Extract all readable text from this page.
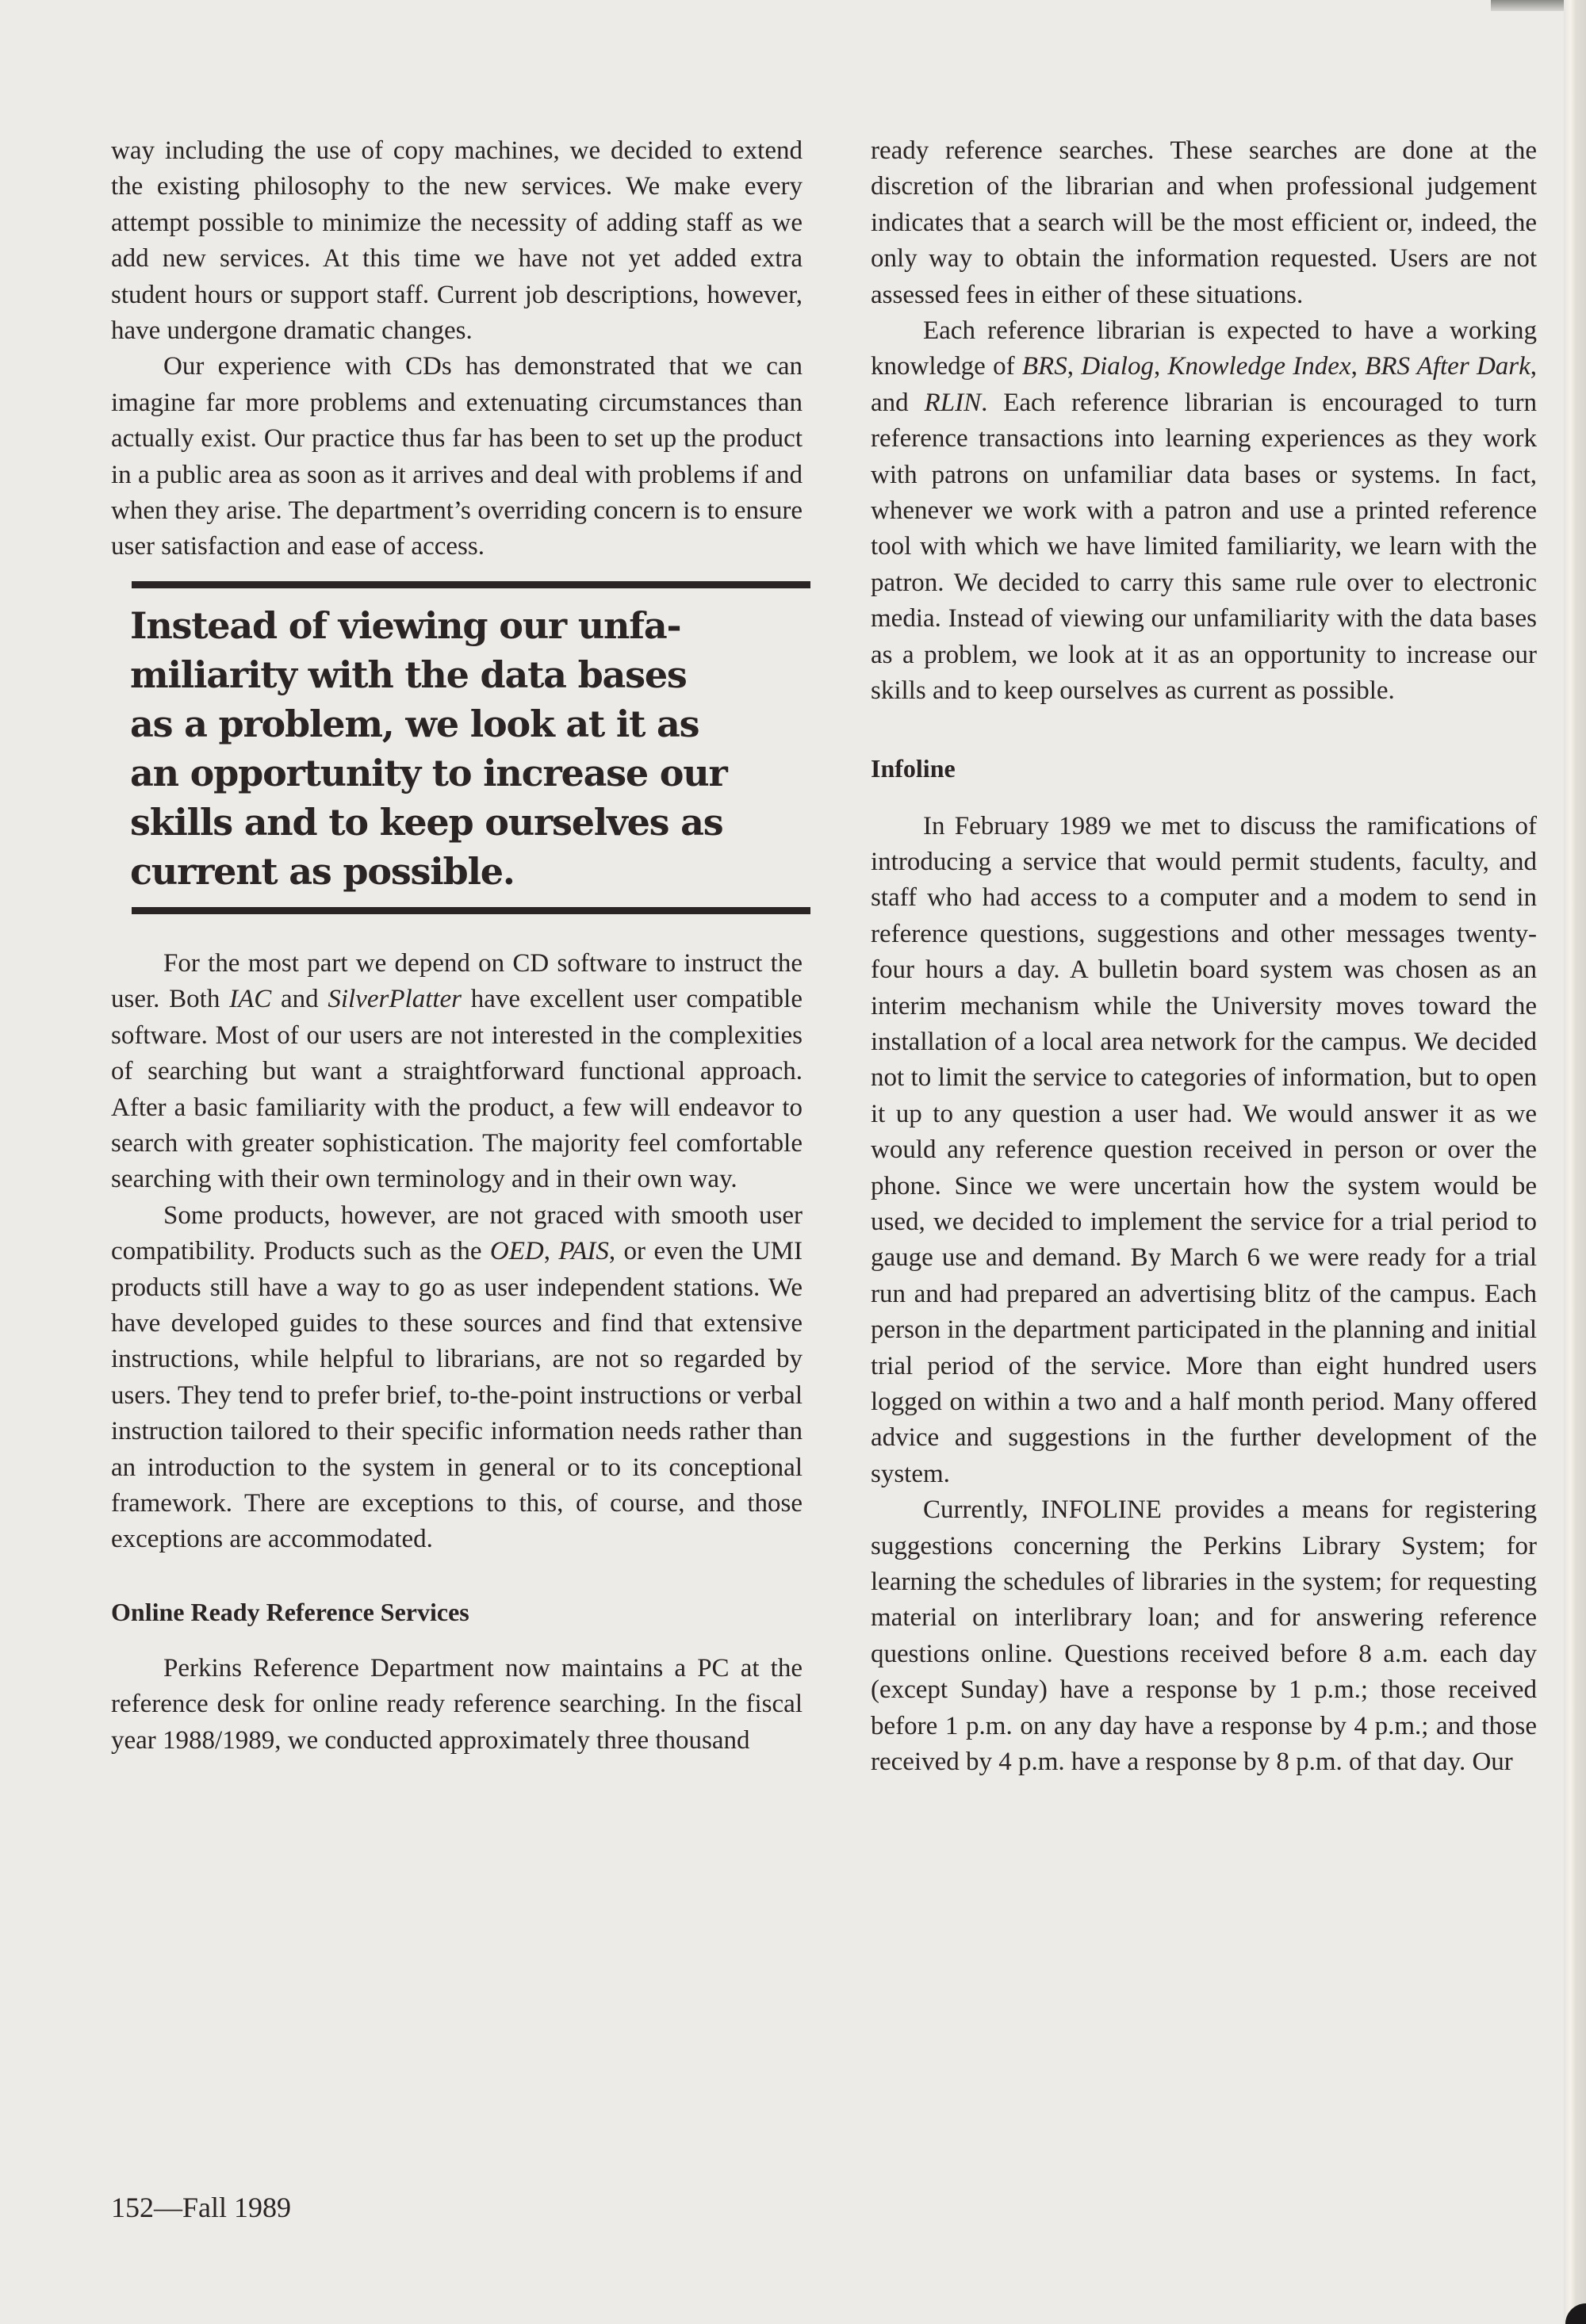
way including the use of copy machines, we decided to extend the existing philosophy to the new services. We make every attempt possible to minimize the necessity of adding staff as we add new services. At this time we have not yet added extra student hours or support staff. Current job descriptions, however, have undergone dramatic changes.

Our experience with CDs has demonstrated that we can imagine far more problems and extenuating circumstances than actually exist. Our practice thus far has been to set up the product in a public area as soon as it arrives and deal with problems if and when they arise. The department’s overriding concern is to ensure user satisfaction and ease of access.

Instead of viewing our unfa-
miliarity with the data bases
as a problem, we look at it as
an opportunity to increase our
skills and to keep ourselves as
current as possible.

For the most part we depend on CD software to instruct the user. Both IAC and SilverPlatter have excellent user compatible software. Most of our users are not interested in the complexities of searching but want a straightforward functional approach. After a basic familiarity with the product, a few will endeavor to search with greater sophistication. The majority feel comfortable searching with their own terminology and in their own way.

Some products, however, are not graced with smooth user compatibility. Products such as the OED, PAIS, or even the UMI products still have a way to go as user independent stations. We have developed guides to these sources and find that extensive instructions, while helpful to librarians, are not so regarded by users. They tend to prefer brief, to-the-point instructions or verbal instruction tailored to their specific information needs rather than an introduction to the system in general or to its conceptional framework. There are exceptions to this, of course, and those exceptions are accommodated.

Online Ready Reference Services

Perkins Reference Department now maintains a PC at the reference desk for online ready reference searching. In the fiscal year 1988/1989, we conducted approximately three thousand

ready reference searches. These searches are done at the discretion of the librarian and when professional judgement indicates that a search will be the most efficient or, indeed, the only way to obtain the information requested. Users are not assessed fees in either of these situations.

Each reference librarian is expected to have a working knowledge of BRS, Dialog, Knowledge Index, BRS After Dark, and RLIN. Each reference librarian is encouraged to turn reference transactions into learning experiences as they work with patrons on unfamiliar data bases or systems. In fact, whenever we work with a patron and use a printed reference tool with which we have limited familiarity, we learn with the patron. We decided to carry this same rule over to electronic media. Instead of viewing our unfamiliarity with the data bases as a problem, we look at it as an opportunity to increase our skills and to keep ourselves as current as possible.

Infoline

In February 1989 we met to discuss the ramifications of introducing a service that would permit students, faculty, and staff who had access to a computer and a modem to send in reference questions, suggestions and other messages twenty-four hours a day. A bulletin board system was chosen as an interim mechanism while the University moves toward the installation of a local area network for the campus. We decided not to limit the service to categories of information, but to open it up to any question a user had. We would answer it as we would any reference question received in person or over the phone. Since we were uncertain how the system would be used, we decided to implement the service for a trial period to gauge use and demand. By March 6 we were ready for a trial run and had prepared an advertising blitz of the campus. Each person in the department participated in the planning and initial trial period of the service. More than eight hundred users logged on within a two and a half month period. Many offered advice and suggestions in the further development of the system.

Currently, INFOLINE provides a means for registering suggestions concerning the Perkins Library System; for learning the schedules of libraries in the system; for requesting material on interlibrary loan; and for answering reference questions online. Questions received before 8 a.m. each day (except Sunday) have a response by 1 p.m.; those received before 1 p.m. on any day have a response by 4 p.m.; and those received by 4 p.m. have a response by 8 p.m. of that day. Our

152—Fall 1989
